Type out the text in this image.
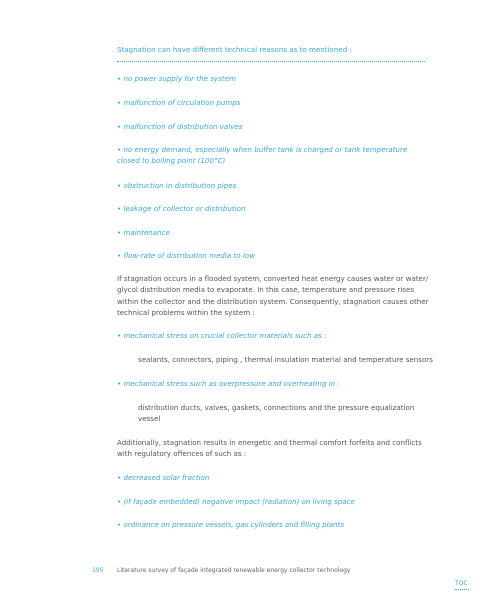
Stagnation can have different technical reasons as to mentioned :
• no power supply for the system
• malfunction of circulation pumps
• malfunction of distribution valves
• no energy demand, especially when buffer tank is charged or tank temperature closed to boiling point (100°C)
• obstruction in distribution pipes
• leakage of collector or distribution
• maintenance
• flow-rate of distribution media to low
If stagnation occurs in a flooded system, converted heat energy causes water or water/ glycol distribution media to evaporate. In this case, temperature and pressure rises within the collector and the distribution system. Consequently, stagnation causes other technical problems within the system :
• mechanical stress on crucial collector materials such as :
sealants, connectors, piping , thermal insulation material and temperature sensors
• mechanical stress such as overpressure and overheating in :
distribution ducts, valves, gaskets, connections and the pressure equalization vessel
Additionally, stagnation results in energetic and thermal comfort forfeits and conflicts with regulatory offences of such as :
• decreased solar fraction
• (if façade embedded) negative impact (radiation) on living space
• ordinance on pressure vessels, gas cylinders and filling plants
195 Literature survey of façade integrated renewable energy collector technology
TOC
